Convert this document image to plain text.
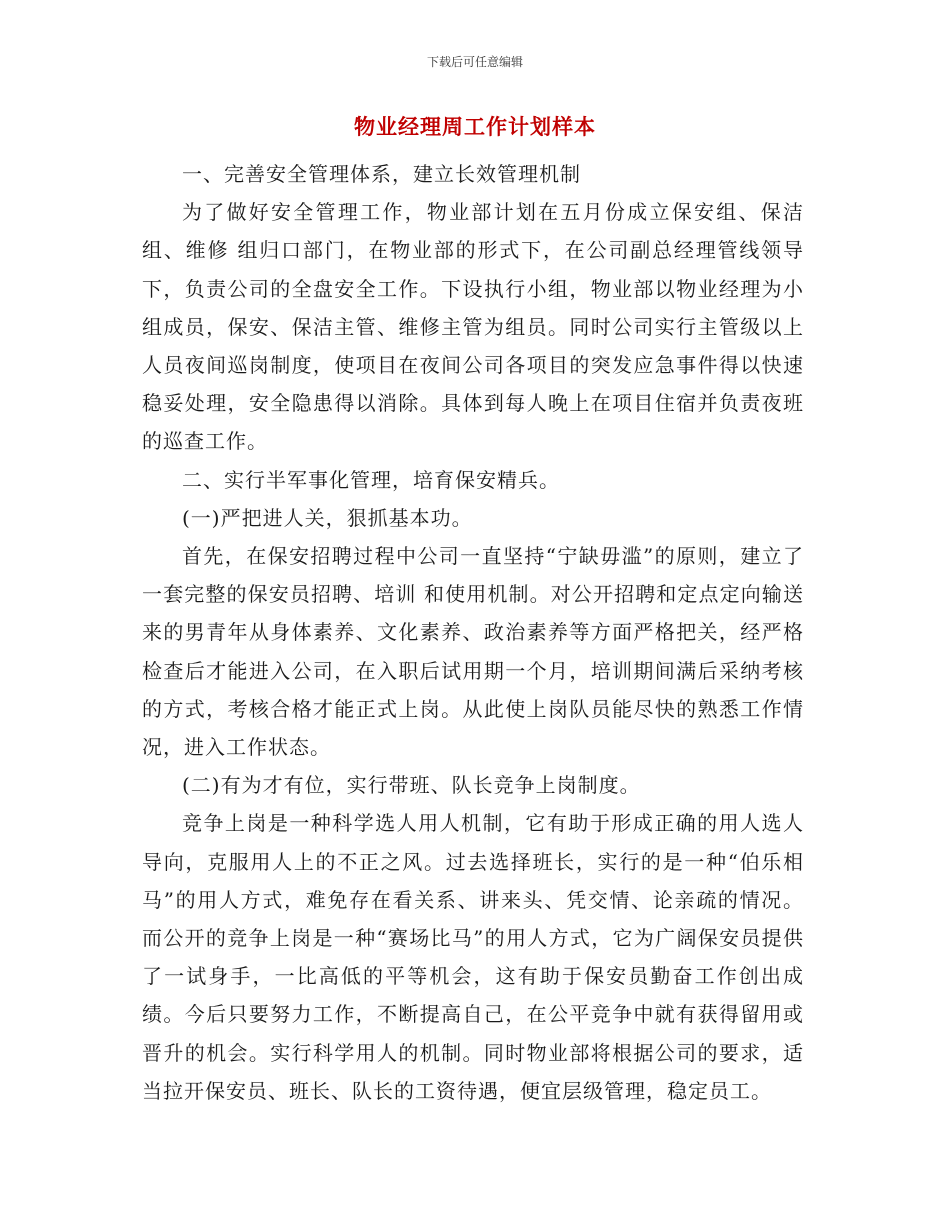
下载后可任意编辑
物业经理周工作计划样本

一、完善安全管理体系，建立长效管理机制

为了做好安全管理工作，物业部计划在五月份成立保安组、保洁组、维修 组归口部门，在物业部的形式下，在公司副总经理管线领导下，负责公司的全盘安全工作。下设执行小组，物业部以物业经理为小组成员，保安、保洁主管、维修主管为组员。同时公司实行主管级以上人员夜间巡岗制度，使项目在夜间公司各项目的突发应急事件得以快速稳妥处理，安全隐患得以消除。具体到每人晚上在项目住宿并负责夜班的巡查工作。

二、实行半军事化管理，培育保安精兵。

(一)严把进人关，狠抓基本功。

首先，在保安招聘过程中公司一直坚持“宁缺毋滥”的原则，建立了一套完整的保安员招聘、培训 和使用机制。对公开招聘和定点定向输送来的男青年从身体素养、文化素养、政治素养等方面严格把关，经严格检查后才能进入公司，在入职后试用期一个月，培训期间满后采纳考核的方式，考核合格才能正式上岗。从此使上岗队员能尽快的熟悉工作情况，进入工作状态。

(二)有为才有位，实行带班、队长竞争上岗制度。

竞争上岗是一种科学选人用人机制，它有助于形成正确的用人选人导向，克服用人上的不正之风。过去选择班长，实行的是一种“伯乐相马”的用人方式，难免存在看关系、讲来头、凭交情、论亲疏的情况。而公开的竞争上岗是一种“赛场比马”的用人方式，它为广阔保安员提供了一试身手，一比高低的平等机会，这有助于保安员勤奋工作创出成绩。今后只要努力工作，不断提高自己，在公平竞争中就有获得留用或晋升的机会。实行科学用人的机制。同时物业部将根据公司的要求，适当拉开保安员、班长、队长的工资待遇，便宜层级管理，稳定员工。
